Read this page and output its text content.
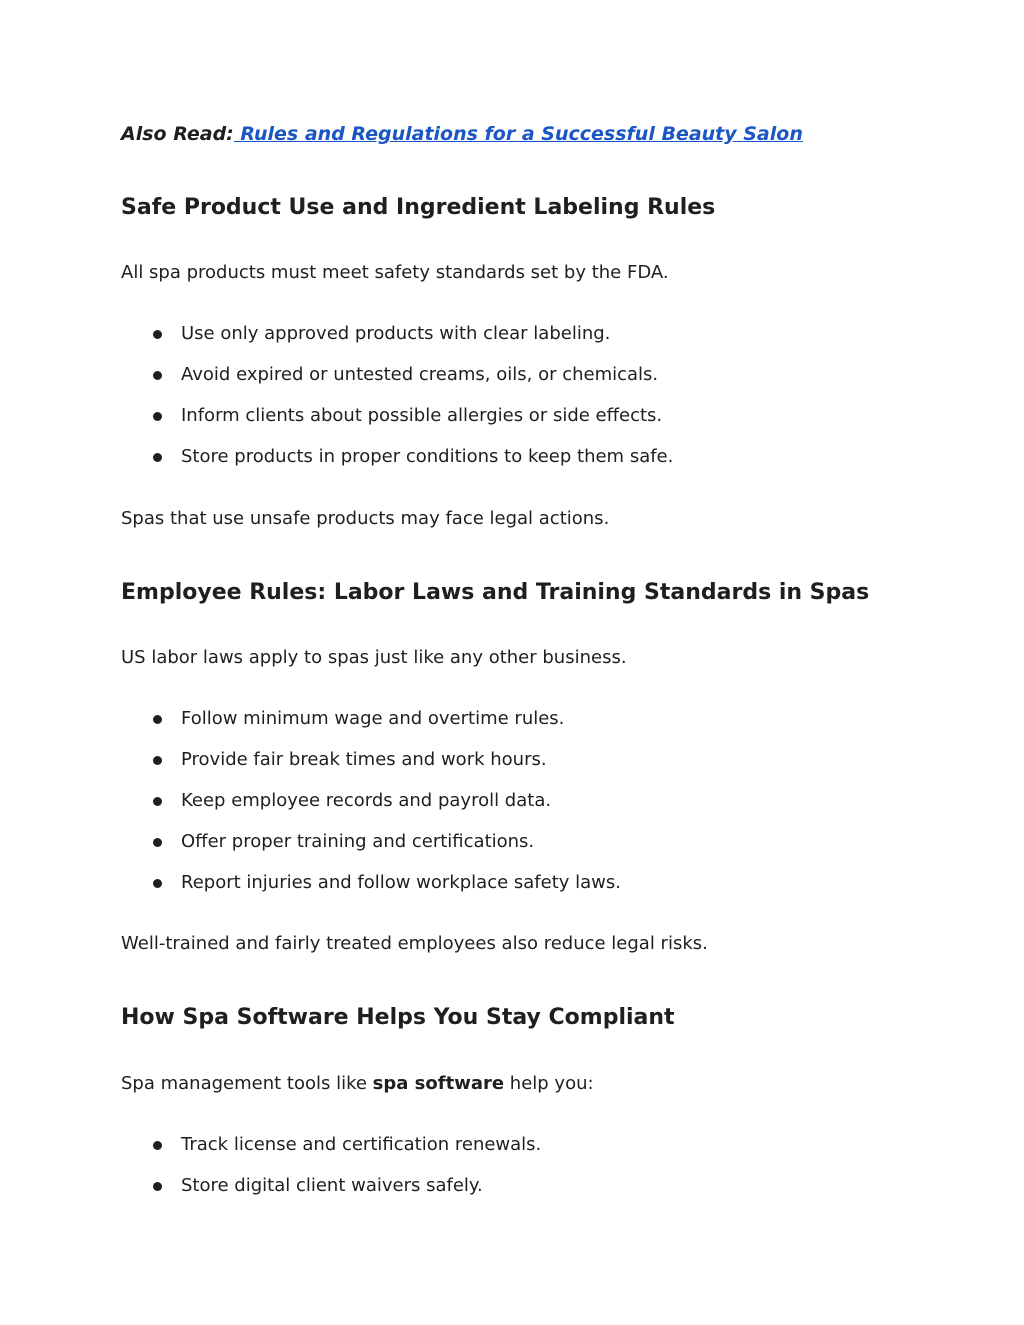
Also Read: Rules and Regulations for a Successful Beauty Salon
Safe Product Use and Ingredient Labeling Rules

All spa products must meet safety standards set by the FDA.

Use only approved products with clear labeling.
Avoid expired or untested creams, oils, or chemicals.
Inform clients about possible allergies or side effects.
Store products in proper conditions to keep them safe.

Spas that use unsafe products may face legal actions.

Employee Rules: Labor Laws and Training Standards in Spas

US labor laws apply to spas just like any other business.

Follow minimum wage and overtime rules.
Provide fair break times and work hours.
Keep employee records and payroll data.
Offer proper training and certifications.
Report injuries and follow workplace safety laws.

Well-trained and fairly treated employees also reduce legal risks.

How Spa Software Helps You Stay Compliant

Spa management tools like spa software help you:

Track license and certification renewals.
Store digital client waivers safely.
